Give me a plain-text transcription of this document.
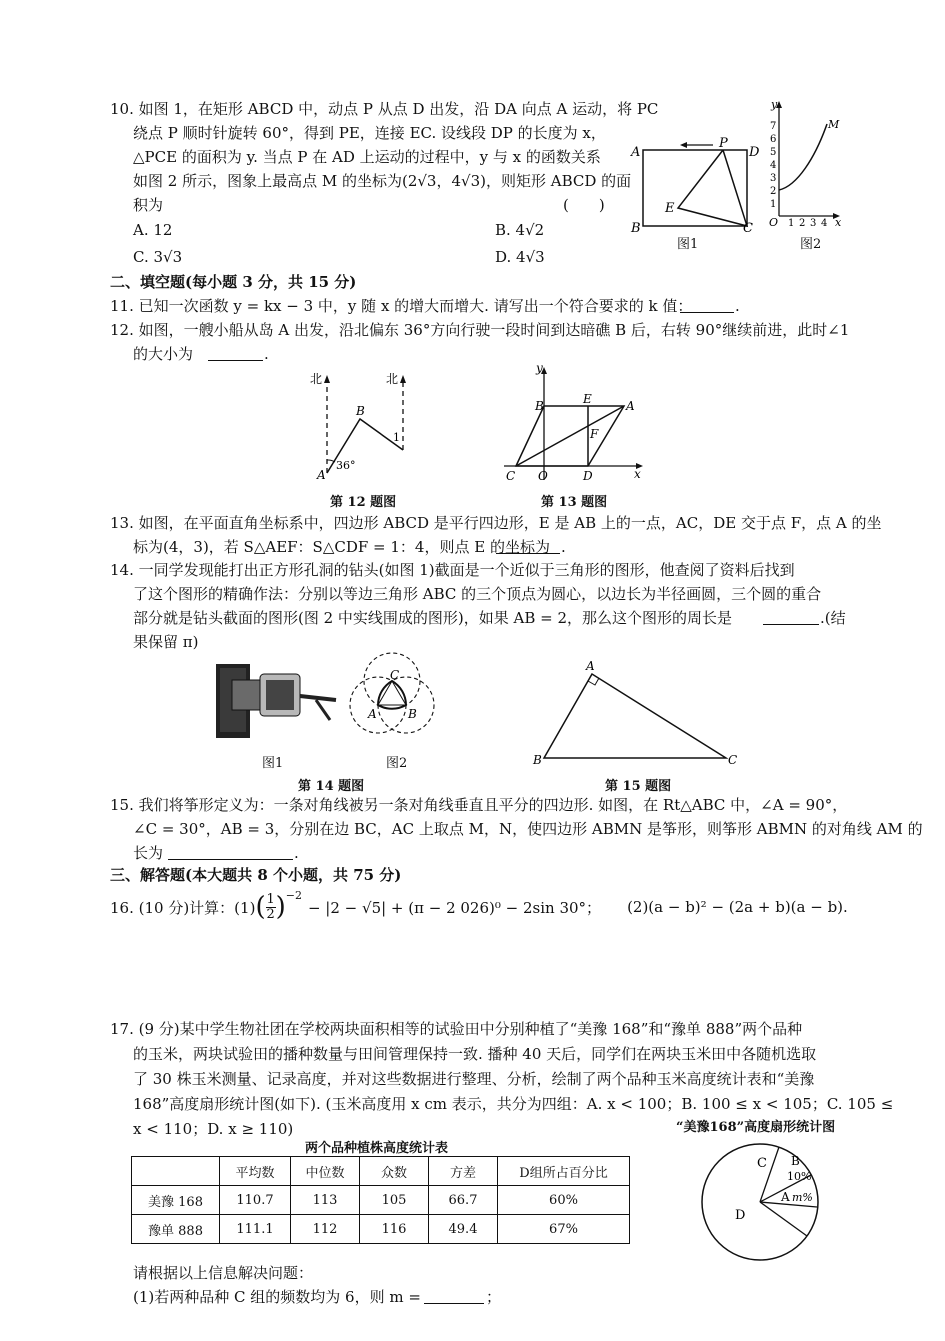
10. 如图 1，在矩形 ABCD 中，动点 P 从点 D 出发，沿 DA 向点 A 运动，将 PC
绕点 P 顺时针旋转 60°，得到 PE，连接 EC. 设线段 DP 的长度为 x，
△PCE 的面积为 y. 当点 P 在 AD 上运动的过程中，y 与 x 的函数关系
如图 2 所示，图象上最高点 M 的坐标为(2√3，4√3)，则矩形 ABCD 的面
积为	(　　)
A. 12	B. 4√2
C. 3√3	D. 4√3
A
B	C
D
P
E
图1
y
x
O
M
1
2
3
4
5
6
7
1 2 3 4
图2
二、填空题(每小题 3 分，共 15 分)
11. 已知一次函数 y = kx − 3 中，y 随 x 的增大而增大. 请写出一个符合要求的 k 值：	.
12. 如图，一艘小船从岛 A 出发，沿北偏东 36°方向行驶一段时间到达暗礁 B 后，右转 90°继续前进，此时∠1
的大小为	.
北	北
A
B
1
36°
第 12 题图
y
x
O
A
B
C	D
E
F
第 13 题图
13. 如图，在平面直角坐标系中，四边形 ABCD 是平行四边形，E 是 AB 上的一点，AC，DE 交于点 F，点 A 的坐
标为(4，3)，若 S△AEF：S△CDF = 1：4，则点 E 的坐标为 .
14. 一同学发现能打出正方形孔洞的钻头(如图 1)截面是一个近似于三角形的图形，他查阅了资料后找到
了这个图形的精确作法：分别以等边三角形 ABC 的三个顶点为圆心，以边长为半径画圆，三个圆的重合
部分就是钻头截面的图形(图 2 中实线围成的图形)，如果 AB = 2，那么这个图形的周长是	.(结
果保留 π)
图1
C
A	B
图2
第 14 题图
A
B	C
第 15 题图
15. 我们将筝形定义为：一条对角线被另一条对角线垂直且平分的四边形. 如图，在 Rt△ABC 中，∠A = 90°，
∠C = 30°，AB = 3，分别在边 BC，AC 上取点 M，N，使四边形 ABMN 是筝形，则筝形 ABMN 的对角线 AM 的
长为	.
三、解答题(本大题共 8 个小题，共 75 分)
16. (10 分)计算：(1) ( 1
2 ) −2
− |2 − √5| + (π − 2 026)⁰ − 2sin 30°； (2)(a − b)² − (2a + b)(a − b).
17. (9 分)某中学生物社团在学校两块面积相等的试验田中分别种植了“美豫 168”和“豫单 888”两个品种
的玉米，两块试验田的播种数量与田间管理保持一致. 播种 40 天后，同学们在两块玉米田中各随机选取
了 30 株玉米测量、记录高度，并对这些数据进行整理、分析，绘制了两个品种玉米高度统计表和“美豫
168”高度扇形统计图(如下). (玉米高度用 x cm 表示，共分为四组：A. x < 100；B. 100 ≤ x < 105；C. 105 ≤
x < 110；D. x ≥ 110)
两个品种植株高度统计表
	平均数	中位数	众数	方差	D组所占百分比
美豫 168	110.7	113	105	66.7	60%
豫单 888	111.1	112	116	49.4	67%
“美豫168”高度扇形统计图
C B
10%
A m%
D
请根据以上信息解决问题：
(1)若两种品种 C 组的频数均为 6，则 m =	；
